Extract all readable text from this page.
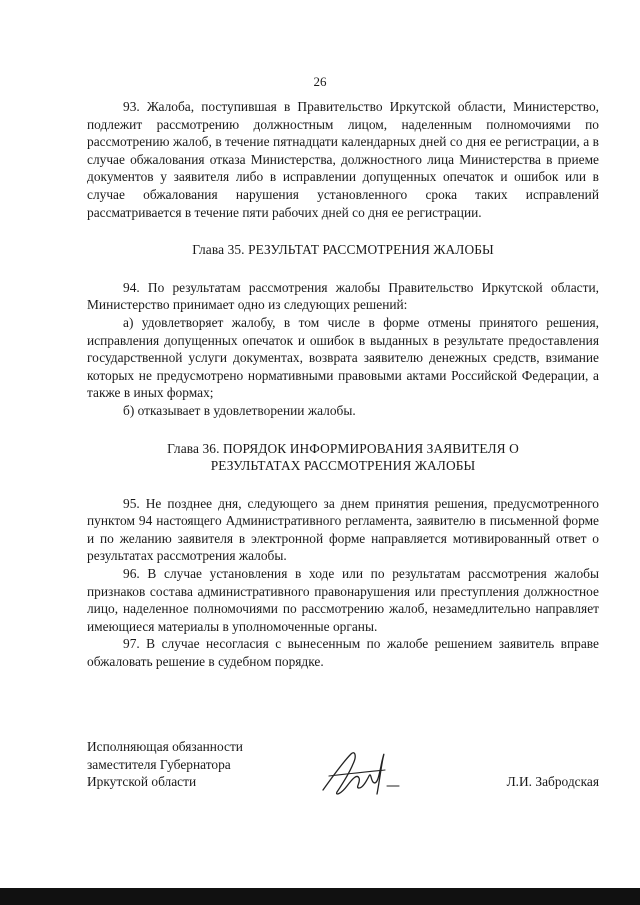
26

93. Жалоба, поступившая в Правительство Иркутской области, Министерство, подлежит рассмотрению должностным лицом, наделенным полномочиями по рассмотрению жалоб, в течение пятнадцати календарных дней со дня ее регистрации, а в случае обжалования отказа Министерства, должностного лица Министерства в приеме документов у заявителя либо в исправлении допущенных опечаток и ошибок или в случае обжалования нарушения установленного срока таких исправлений рассматривается в течение пяти рабочих дней со дня ее регистрации.

Глава 35. РЕЗУЛЬТАТ РАССМОТРЕНИЯ ЖАЛОБЫ

94. По результатам рассмотрения жалобы Правительство Иркутской области, Министерство принимает одно из следующих решений:

а) удовлетворяет жалобу, в том числе в форме отмены принятого решения, исправления допущенных опечаток и ошибок в выданных в результате предоставления государственной услуги документах, возврата заявителю денежных средств, взимание которых не предусмотрено нормативными правовыми актами Российской Федерации, а также в иных формах;

б) отказывает в удовлетворении жалобы.

Глава 36. ПОРЯДОК ИНФОРМИРОВАНИЯ ЗАЯВИТЕЛЯ О

РЕЗУЛЬТАТАХ РАССМОТРЕНИЯ ЖАЛОБЫ

95. Не позднее дня, следующего за днем принятия решения, предусмотренного пунктом 94 настоящего Административного регламента, заявителю в письменной форме и по желанию заявителя в электронной форме направляется мотивированный ответ о результатах рассмотрения жалобы.

96. В случае установления в ходе или по результатам рассмотрения жалобы признаков состава административного правонарушения или преступления должностное лицо, наделенное полномочиями по рассмотрению жалоб, незамедлительно направляет имеющиеся материалы в уполномоченные органы.

97. В случае несогласия с вынесенным по жалобе решением заявитель вправе обжаловать решение в судебном порядке.

Исполняющая обязанности
заместителя Губернатора
Иркутской области	Л.И. Забродская
